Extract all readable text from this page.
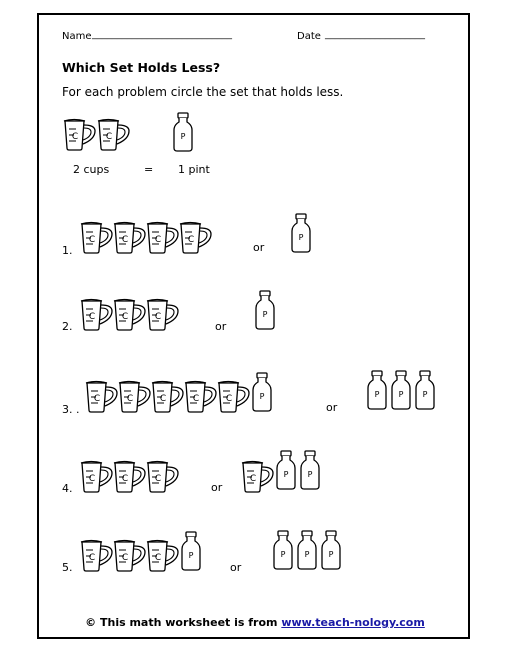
Name ____________________________	Date ____________________
Which Set Holds Less?
For each problem circle the set that holds less.
C	C	P
C	C	C	C	P
C	C	C	P
C	C	C	C	C	P	P P P
C	C	C	C	P P
C	C	C	P	P P P
2 cups	= 1 pint
1.	or
2.	or
3. .	or
4.	or
5.	or
© This math worksheet is from www.teach-nology.com
